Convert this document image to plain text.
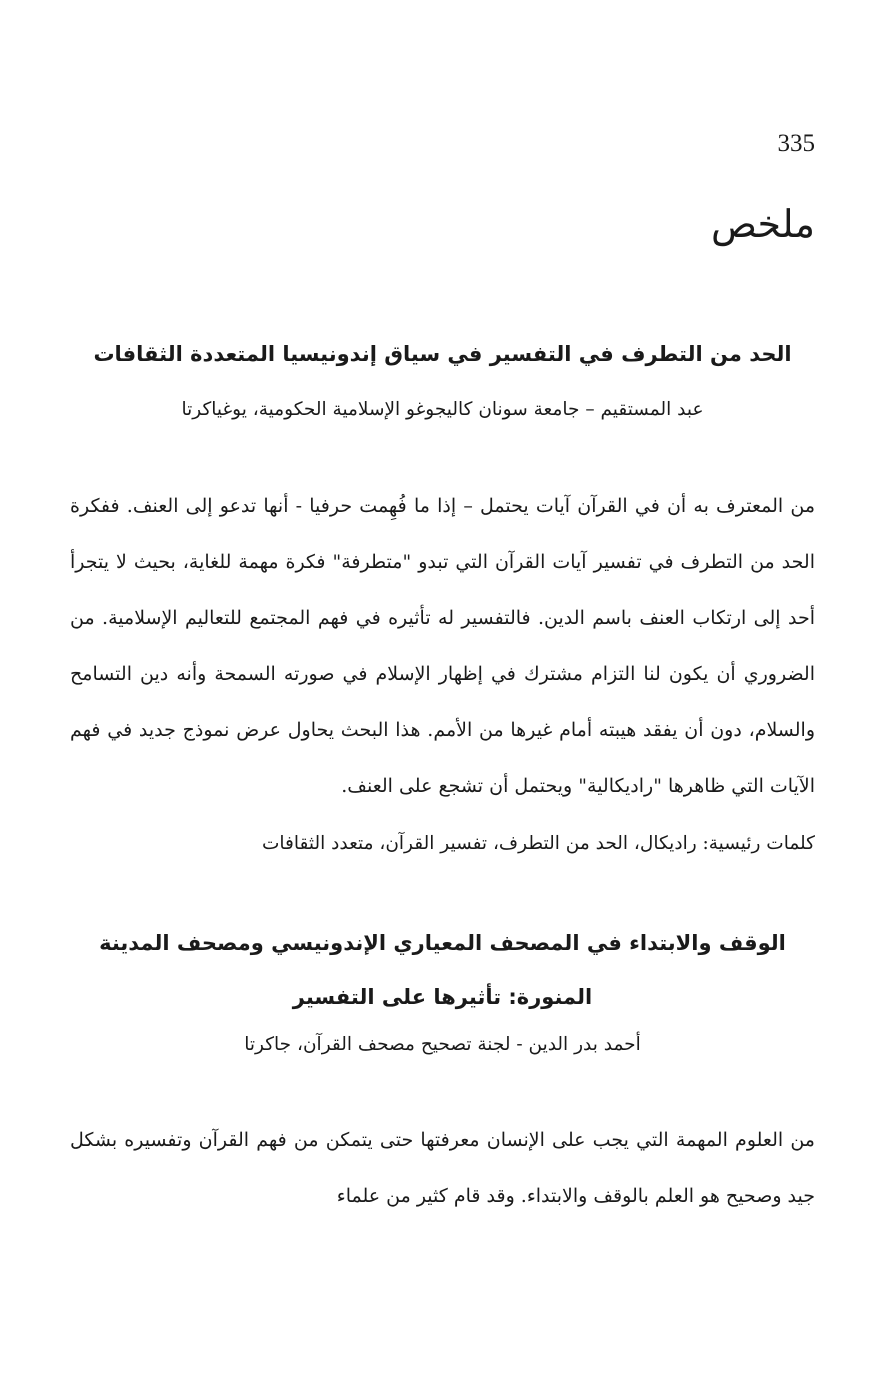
335
ملخص
الحد من التطرف في التفسير في سياق إندونيسيا المتعددة الثقافات
عبد المستقيم – جامعة سونان كاليجوغو الإسلامية الحكومية، يوغياكرتا
من المعترف به أن في القرآن آيات يحتمل – إذا ما فُهِمت حرفيا - أنها تدعو إلى العنف. ففكرة الحد من التطرف في تفسير آيات القرآن التي تبدو "متطرفة" فكرة مهمة للغاية، بحيث لا يتجرأ أحد إلى ارتكاب العنف باسم الدين. فالتفسير له تأثيره في فهم المجتمع للتعاليم الإسلامية. من الضروري أن يكون لنا التزام مشترك في إظهار الإسلام في صورته السمحة وأنه دين التسامح والسلام، دون أن يفقد هيبته أمام غيرها من الأمم. هذا البحث يحاول عرض نموذج جديد في فهم الآيات التي ظاهرها "راديكالية" ويحتمل أن تشجع على العنف.
كلمات رئيسية: راديكال، الحد من التطرف، تفسير القرآن، متعدد الثقافات
الوقف والابتداء في المصحف المعياري الإندونيسي ومصحف المدينة المنورة: تأثيرها على التفسير
أحمد بدر الدين - لجنة تصحيح مصحف القرآن، جاكرتا
من العلوم المهمة التي يجب على الإنسان معرفتها حتى يتمكن من فهم القرآن وتفسيره بشكل جيد وصحيح هو العلم بالوقف والابتداء. وقد قام كثير من علماء
